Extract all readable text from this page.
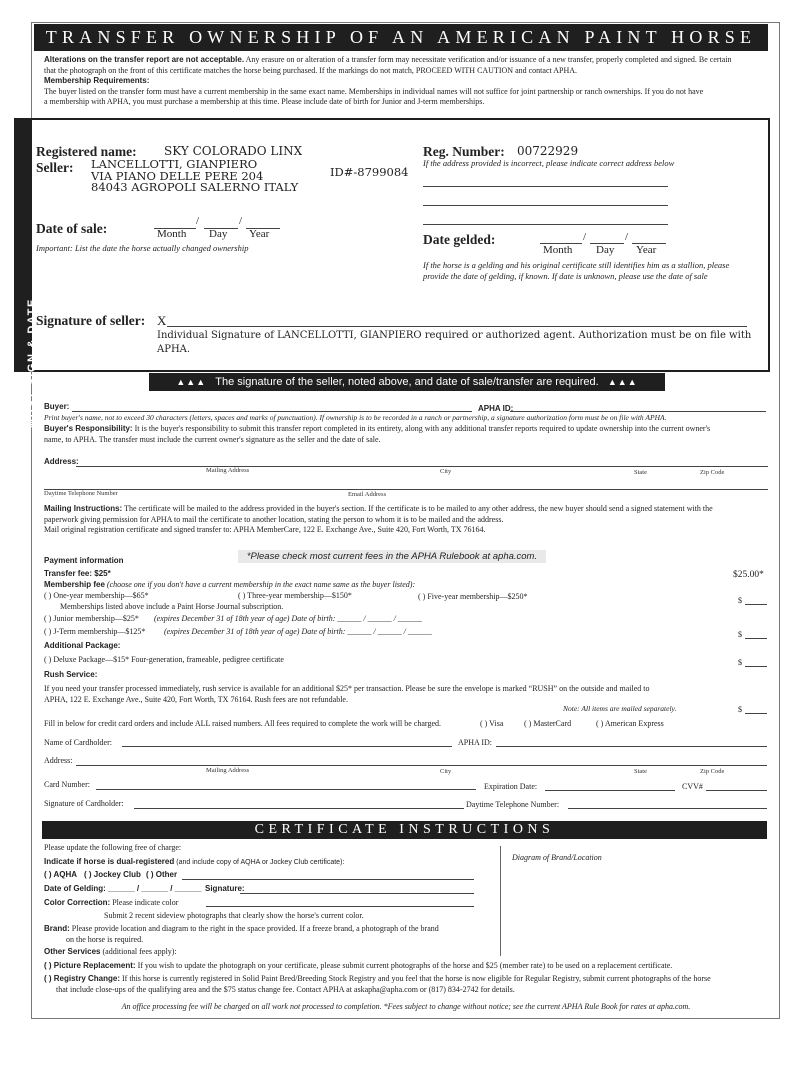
TRANSFER OWNERSHIP OF AN AMERICAN PAINT HORSE
Alterations on the transfer report are not acceptable. Any erasure on or alteration of a transfer form may necessitate verification and/or issuance of a new transfer, properly completed and signed. Be certain
that the photograph on the front of this certificate matches the horse being purchased. If the markings do not match, PROCEED WITH CAUTION and contact APHA.
Membership Requirements:
The buyer listed on the transfer form must have a current membership in the same exact name. Memberships in individual names will not suffice for joint partnership or ranch ownerships. If you do not have
a membership with APHA, you must purchase a membership at this time. Please include date of birth for Junior and J-term memberships.
MUST SIGN & DATE
Registered name: SKY COLORADO LINX	Reg. Number: 00722929
If the address provided is incorrect, please indicate correct address below
Seller: LANCELLOTTI, GIANPIERO
VIA PIANO DELLE PERE 204
84043 AGROPOLI SALERNO ITALY
ID#-8799084
Date of sale:	/	/
Month Day Year
Important: List the date the horse actually changed ownership
Date gelded:	/	/
Month Day Year
If the horse is a gelding and his original certificate still identifies him as a stallion, please provide the date of gelding, if known. If date is unknown, please use the date of sale
Signature of seller: X
Individual Signature of LANCELLOTTI, GIANPIERO required or authorized agent. Authorization must be on file with APHA.
▲▲▲ The signature of the seller, noted above, and date of sale/transfer are required. ▲▲▲
Buyer:	APHA ID:
Print buyer's name, not to exceed 30 characters (letters, spaces and marks of punctuation). If ownership is to be recorded in a ranch or partnership, a signature authorization form must be on file with APHA.
Buyer's Responsibility: It is the buyer's responsibility to submit this transfer report completed in its entirety, along with any additional transfer reports required to update ownership into the current owner's
name, to APHA. The transfer must include the current owner's signature as the seller and the date of sale.
Address:
Mailing Address	City	State	Zip Code
Daytime Telephone Number	Email Address
Mailing Instructions: The certificate will be mailed to the address provided in the buyer's section. If the certificate is to be mailed to any other address, the new buyer should send a signed statement with the
paperwork giving permission for APHA to mail the certificate to another location, stating the person to whom it is to be mailed and the address.
Mail original registration certificate and signed transfer to: APHA MemberCare, 122 E. Exchange Ave., Suite 420, Fort Worth, TX 76164.
Payment information	*Please check most current fees in the APHA Rulebook at apha.com.
Transfer fee: $25*	$25.00*
Membership fee (choose one if you don't have a current membership in the exact name same as the buyer listed):
( ) One-year membership—$65*	( ) Three-year membership—$150*	( ) Five-year membership—$250*	$
Memberships listed above include a Paint Horse Journal subscription.
( ) Junior membership—$25* (expires December 31 of 18th year of age) Date of birth: ______ / ______ / ______
( ) J-Term membership—$125* (expires December 31 of 18th year of age) Date of birth: ______ / ______ / ______	$
Additional Package:
( ) Deluxe Package—$15* Four-generation, frameable, pedigree certificate	$
Rush Service:
If you need your transfer processed immediately, rush service is available for an additional $25* per transaction. Please be sure the envelope is marked “RUSH” on the outside and mailed to
APHA, 122 E. Exchange Ave., Suite 420, Fort Worth, TX 76164. Rush fees are not refundable.
Note: All items are mailed separately.	$
Fill in below for credit card orders and include ALL raised numbers. All fees required to complete the work will be charged.	( ) Visa	( ) MasterCard	( ) American Express
Name of Cardholder:	APHA ID:
Address:
Mailing Address	City	State	Zip Code
Card Number:	Expiration Date:	CVV#
Signature of Cardholder:	Daytime Telephone Number:
CERTIFICATE INSTRUCTIONS
Please update the following free of charge:
Diagram of Brand/Location
Indicate if horse is dual-registered (and include copy of AQHA or Jockey Club certificate):
( ) AQHA ( ) Jockey Club ( ) Other
Date of Gelding: ______ / ______ / ______ Signature:
Color Correction: Please indicate color
Submit 2 recent sideview photographs that clearly show the horse's current color.
Brand: Please provide location and diagram to the right in the space provided. If a freeze brand, a photograph of the brand
on the horse is required.
Other Services (additional fees apply):
( ) Picture Replacement: If you wish to update the photograph on your certificate, please submit current photographs of the horse and $25 (member rate) to be used on a replacement certificate.
( ) Registry Change: If this horse is currently registered in Solid Paint Bred/Breeding Stock Registry and you feel that the horse is now eligible for Regular Registry, submit current photographs of the horse
that include close-ups of the qualifying area and the $75 status change fee. Contact APHA at askapha@apha.com or (817) 834-2742 for details.
An office processing fee will be charged on all work not processed to completion. *Fees subject to change without notice; see the current APHA Rule Book for rates at apha.com.
